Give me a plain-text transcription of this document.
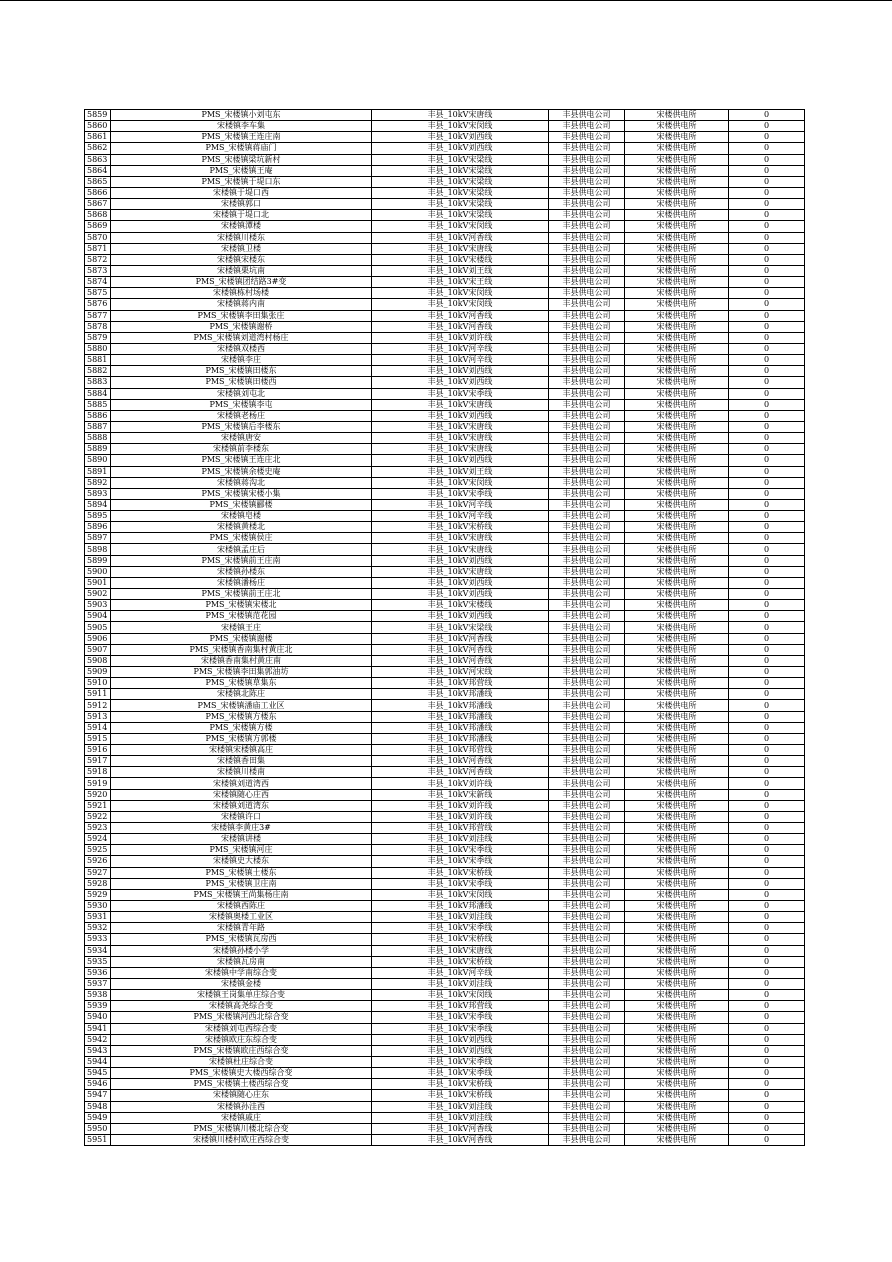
5859	PMS_宋楼镇小刘屯东	丰县_10kV宋唐线	丰县供电公司	宋楼供电所	0
5860	宋楼镇李车集	丰县_10kV宋闵线	丰县供电公司	宋楼供电所	0
5861	PMS_宋楼镇王连庄南	丰县_10kV刘西线	丰县供电公司	宋楼供电所	0
5862	PMS_宋楼镇蒋庙门	丰县_10kV刘西线	丰县供电公司	宋楼供电所	0
5863	PMS_宋楼镇梁坑新村	丰县_10kV宋梁线	丰县供电公司	宋楼供电所	0
5864	PMS_宋楼镇王庵	丰县_10kV宋梁线	丰县供电公司	宋楼供电所	0
5865	PMS_宋楼镇于堤口东	丰县_10kV宋梁线	丰县供电公司	宋楼供电所	0
5866	宋楼镇于堤口西	丰县_10kV宋梁线	丰县供电公司	宋楼供电所	0
5867	宋楼镇郭口	丰县_10kV宋梁线	丰县供电公司	宋楼供电所	0
5868	宋楼镇于堤口北	丰县_10kV宋梁线	丰县供电公司	宋楼供电所	0
5869	宋楼镇潭楼	丰县_10kV宋闵线	丰县供电公司	宋楼供电所	0
5870	宋楼镇川楼东	丰县_10kV河香线	丰县供电公司	宋楼供电所	0
5871	宋楼镇卫楼	丰县_10kV宋唐线	丰县供电公司	宋楼供电所	0
5872	宋楼镇宋楼东	丰县_10kV宋楼线	丰县供电公司	宋楼供电所	0
5873	宋楼镇栗坑南	丰县_10kV刘王线	丰县供电公司	宋楼供电所	0
5874	PMS_宋楼镇团结路3#变	丰县_10kV宋王线	丰县供电公司	宋楼供电所	0
5875	宋楼镇栋村场楼	丰县_10kV宋闵线	丰县供电公司	宋楼供电所	0
5876	宋楼镇蒋内南	丰县_10kV宋闵线	丰县供电公司	宋楼供电所	0
5877	PMS_宋楼镇李田集张庄	丰县_10kV河香线	丰县供电公司	宋楼供电所	0
5878	PMS_宋楼镇谢桥	丰县_10kV河香线	丰县供电公司	宋楼供电所	0
5879	PMS_宋楼镇刘道湾村杨庄	丰县_10kV刘许线	丰县供电公司	宋楼供电所	0
5880	宋楼镇双楼西	丰县_10kV河辛线	丰县供电公司	宋楼供电所	0
5881	宋楼镇李庄	丰县_10kV河辛线	丰县供电公司	宋楼供电所	0
5882	PMS_宋楼镇田楼东	丰县_10kV刘西线	丰县供电公司	宋楼供电所	0
5883	PMS_宋楼镇田楼西	丰县_10kV刘西线	丰县供电公司	宋楼供电所	0
5884	宋楼镇刘屯北	丰县_10kV宋季线	丰县供电公司	宋楼供电所	0
5885	PMS_宋楼镇李屯	丰县_10kV宋唐线	丰县供电公司	宋楼供电所	0
5886	宋楼镇老杨庄	丰县_10kV刘西线	丰县供电公司	宋楼供电所	0
5887	PMS_宋楼镇后李楼东	丰县_10kV宋唐线	丰县供电公司	宋楼供电所	0
5888	宋楼镇唐安	丰县_10kV宋唐线	丰县供电公司	宋楼供电所	0
5889	宋楼镇前李楼东	丰县_10kV宋唐线	丰县供电公司	宋楼供电所	0
5890	PMS_宋楼镇王连庄北	丰县_10kV刘西线	丰县供电公司	宋楼供电所	0
5891	PMS_宋楼镇余楼史庵	丰县_10kV刘王线	丰县供电公司	宋楼供电所	0
5892	宋楼镇蒋沟北	丰县_10kV宋闵线	丰县供电公司	宋楼供电所	0
5893	PMS_宋楼镇宋楼小集	丰县_10kV宋季线	丰县供电公司	宋楼供电所	0
5894	PMS_宋楼镇郦楼	丰县_10kV河辛线	丰县供电公司	宋楼供电所	0
5895	宋楼镇皂楼	丰县_10kV河辛线	丰县供电公司	宋楼供电所	0
5896	宋楼镇黄楼北	丰县_10kV宋桥线	丰县供电公司	宋楼供电所	0
5897	PMS_宋楼镇侯庄	丰县_10kV宋唐线	丰县供电公司	宋楼供电所	0
5898	宋楼镇孟庄后	丰县_10kV宋唐线	丰县供电公司	宋楼供电所	0
5899	PMS_宋楼镇前王庄南	丰县_10kV刘西线	丰县供电公司	宋楼供电所	0
5900	宋楼镇孙楼东	丰县_10kV宋唐线	丰县供电公司	宋楼供电所	0
5901	宋楼镇潘杨庄	丰县_10kV刘西线	丰县供电公司	宋楼供电所	0
5902	PMS_宋楼镇前王庄北	丰县_10kV刘西线	丰县供电公司	宋楼供电所	0
5903	PMS_宋楼镇宋楼北	丰县_10kV宋楼线	丰县供电公司	宋楼供电所	0
5904	PMS_宋楼镇范花园	丰县_10kV刘西线	丰县供电公司	宋楼供电所	0
5905	宋楼镇王庄	丰县_10kV宋梁线	丰县供电公司	宋楼供电所	0
5906	PMS_宋楼镇谢楼	丰县_10kV河香线	丰县供电公司	宋楼供电所	0
5907	PMS_宋楼镇香南集村黄庄北	丰县_10kV河香线	丰县供电公司	宋楼供电所	0
5908	宋楼镇香南集村黄庄南	丰县_10kV河香线	丰县供电公司	宋楼供电所	0
5909	PMS_宋楼镇李田集郭油坊	丰县_10kV河宋线	丰县供电公司	宋楼供电所	0
5910	PMS_宋楼镇草集东	丰县_10kV邦营线	丰县供电公司	宋楼供电所	0
5911	宋楼镇北陈庄	丰县_10kV邦潘线	丰县供电公司	宋楼供电所	0
5912	PMS_宋楼镇潘庙工业区	丰县_10kV邦潘线	丰县供电公司	宋楼供电所	0
5913	PMS_宋楼镇方楼东	丰县_10kV邦潘线	丰县供电公司	宋楼供电所	0
5914	PMS_宋楼镇方楼	丰县_10kV邦潘线	丰县供电公司	宋楼供电所	0
5915	PMS_宋楼镇方郭楼	丰县_10kV邦潘线	丰县供电公司	宋楼供电所	0
5916	宋楼镇宋楼镇高庄	丰县_10kV邦营线	丰县供电公司	宋楼供电所	0
5917	宋楼镇香田集	丰县_10kV河香线	丰县供电公司	宋楼供电所	0
5918	宋楼镇川楼南	丰县_10kV河香线	丰县供电公司	宋楼供电所	0
5919	宋楼镇刘道湾西	丰县_10kV刘许线	丰县供电公司	宋楼供电所	0
5920	宋楼镇随心庄西	丰县_10kV宋新线	丰县供电公司	宋楼供电所	0
5921	宋楼镇刘道湾东	丰县_10kV刘许线	丰县供电公司	宋楼供电所	0
5922	宋楼镇许口	丰县_10kV刘许线	丰县供电公司	宋楼供电所	0
5923	宋楼镇李黄庄3#	丰县_10kV邦营线	丰县供电公司	宋楼供电所	0
5924	宋楼镇讲楼	丰县_10kV刘洼线	丰县供电公司	宋楼供电所	0
5925	PMS_宋楼镇河庄	丰县_10kV宋季线	丰县供电公司	宋楼供电所	0
5926	宋楼镇史大楼东	丰县_10kV宋季线	丰县供电公司	宋楼供电所	0
5927	PMS_宋楼镇土楼东	丰县_10kV宋桥线	丰县供电公司	宋楼供电所	0
5928	PMS_宋楼镇卫庄南	丰县_10kV宋季线	丰县供电公司	宋楼供电所	0
5929	PMS_宋楼镇王尚集杨庄南	丰县_10kV宋闵线	丰县供电公司	宋楼供电所	0
5930	宋楼镇西陈庄	丰县_10kV邦潘线	丰县供电公司	宋楼供电所	0
5931	宋楼镇奥楼工业区	丰县_10kV刘洼线	丰县供电公司	宋楼供电所	0
5932	宋楼镇青年路	丰县_10kV宋季线	丰县供电公司	宋楼供电所	0
5933	PMS_宋楼镇瓦房西	丰县_10kV宋桥线	丰县供电公司	宋楼供电所	0
5934	宋楼镇孙楼小学	丰县_10kV宋唐线	丰县供电公司	宋楼供电所	0
5935	宋楼镇瓦房南	丰县_10kV宋桥线	丰县供电公司	宋楼供电所	0
5936	宋楼镇中学南综合变	丰县_10kV河辛线	丰县供电公司	宋楼供电所	0
5937	宋楼镇金楼	丰县_10kV刘洼线	丰县供电公司	宋楼供电所	0
5938	宋楼镇王岗集单庄综合变	丰县_10kV宋闵线	丰县供电公司	宋楼供电所	0
5939	宋楼镇高尧综合变	丰县_10kV邦营线	丰县供电公司	宋楼供电所	0
5940	PMS_宋楼镇河西北综合变	丰县_10kV宋季线	丰县供电公司	宋楼供电所	0
5941	宋楼镇刘屯西综合变	丰县_10kV宋季线	丰县供电公司	宋楼供电所	0
5942	宋楼镇欧庄东综合变	丰县_10kV刘西线	丰县供电公司	宋楼供电所	0
5943	PMS_宋楼镇欧庄西综合变	丰县_10kV刘西线	丰县供电公司	宋楼供电所	0
5944	宋楼镇杜庄综合变	丰县_10kV宋季线	丰县供电公司	宋楼供电所	0
5945	PMS_宋楼镇史大楼西综合变	丰县_10kV宋季线	丰县供电公司	宋楼供电所	0
5946	PMS_宋楼镇土楼西综合变	丰县_10kV宋桥线	丰县供电公司	宋楼供电所	0
5947	宋楼镇随心庄东	丰县_10kV宋桥线	丰县供电公司	宋楼供电所	0
5948	宋楼镇孙洼西	丰县_10kV刘洼线	丰县供电公司	宋楼供电所	0
5949	宋楼镇戚庄	丰县_10kV刘洼线	丰县供电公司	宋楼供电所	0
5950	PMS_宋楼镇川楼北综合变	丰县_10kV河香线	丰县供电公司	宋楼供电所	0
5951	宋楼镇川楼村欧庄西综合变	丰县_10kV河香线	丰县供电公司	宋楼供电所	0
